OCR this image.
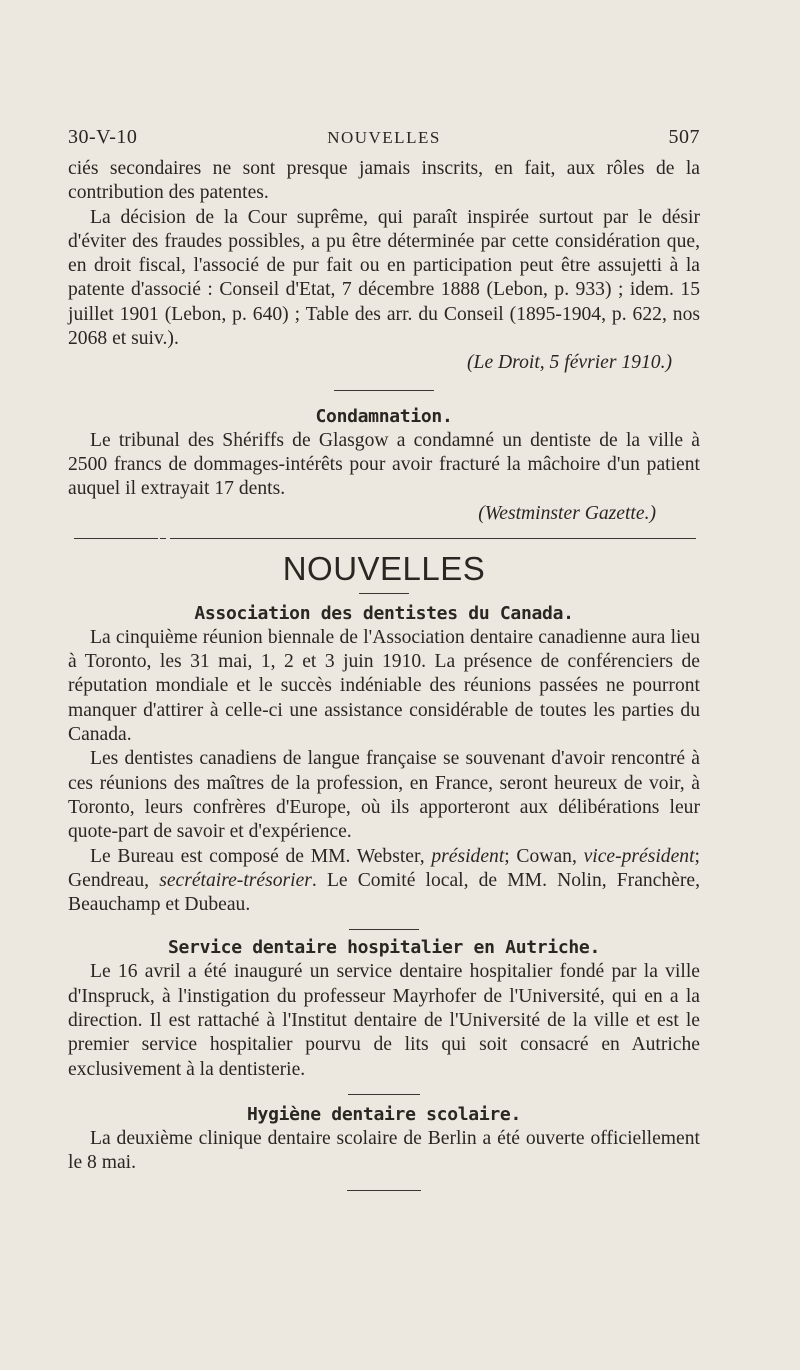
30-V-10	NOUVELLES	507

ciés secondaires ne sont presque jamais inscrits, en fait, aux rôles de la contribution des patentes.

La décision de la Cour suprême, qui paraît inspirée surtout par le désir d'éviter des fraudes possibles, a pu être déterminée par cette considération que, en droit fiscal, l'associé de pur fait ou en participation peut être assujetti à la patente d'associé : Conseil d'Etat, 7 décembre 1888 (Lebon, p. 933) ; idem. 15 juillet 1901 (Lebon, p. 640) ; Table des arr. du Conseil (1895-1904, p. 622, nos 2068 et suiv.).

(Le Droit, 5 février 1910.)

Condamnation.

Le tribunal des Shériffs de Glasgow a condamné un dentiste de la ville à 2500 francs de dommages-intérêts pour avoir fracturé la mâchoire d'un patient auquel il extrayait 17 dents.

(Westminster Gazette.)

NOUVELLES
Association des dentistes du Canada.

La cinquième réunion biennale de l'Association dentaire canadienne aura lieu à Toronto, les 31 mai, 1, 2 et 3 juin 1910. La présence de conférenciers de réputation mondiale et le succès indéniable des réunions passées ne pourront manquer d'attirer à celle-ci une assistance considérable de toutes les parties du Canada.

Les dentistes canadiens de langue française se souvenant d'avoir rencontré à ces réunions des maîtres de la profession, en France, seront heureux de voir, à Toronto, leurs confrères d'Europe, où ils apporteront aux délibérations leur quote-part de savoir et d'expérience.

Le Bureau est composé de MM. Webster, président; Cowan, vice-président; Gendreau, secrétaire-trésorier. Le Comité local, de MM. Nolin, Franchère, Beauchamp et Dubeau.

Service dentaire hospitalier en Autriche.

Le 16 avril a été inauguré un service dentaire hospitalier fondé par la ville d'Inspruck, à l'instigation du professeur Mayrhofer de l'Université, qui en a la direction. Il est rattaché à l'Institut dentaire de l'Université de la ville et est le premier service hospitalier pourvu de lits qui soit consacré en Autriche exclusivement à la dentisterie.

Hygiène dentaire scolaire.

La deuxième clinique dentaire scolaire de Berlin a été ouverte officiellement le 8 mai.
